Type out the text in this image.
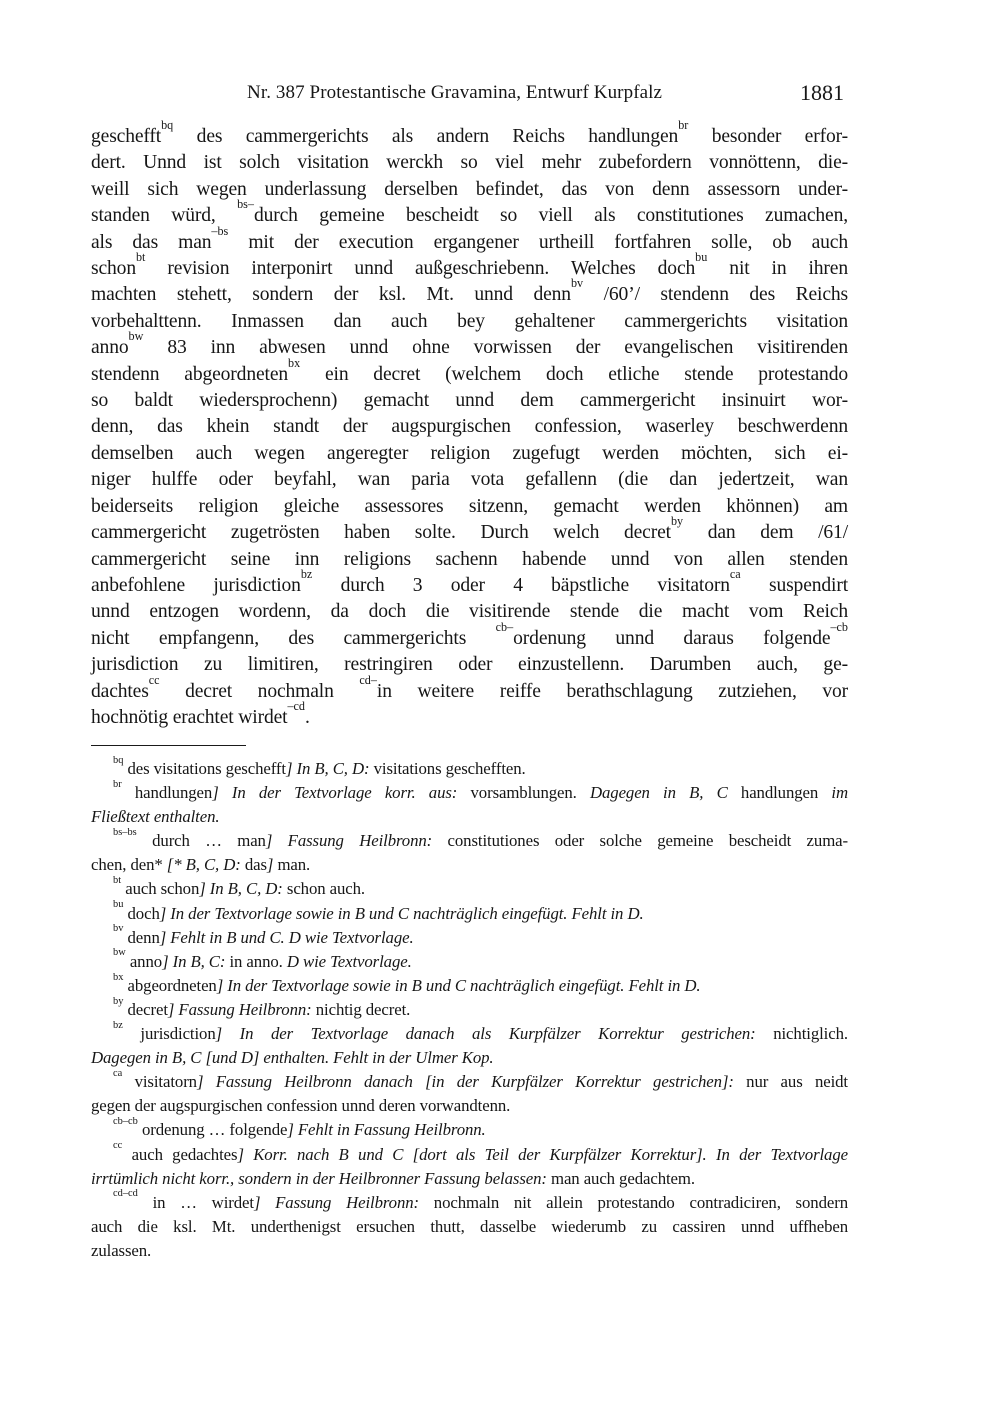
Nr. 387 Protestantische Gravamina, Entwurf Kurpfalz	1881
geschefft$^{bq}$ des cammergerichts als andern Reichs handlungen$^{br}$ besonder erfor-
dert. Unnd ist solch visitation werckh so viel mehr zubefordern vonnöttenn, die-
weill sich wegen underlassung derselben befindet, das von denn assessorn under-
standen würd, $^{bs-}$durch gemeine bescheidt so viell als constitutiones zumachen,
als das man$^{-bs}$ mit der execution ergangener urtheill fortfahren solle, ob auch
schon$^{bt}$ revision interponirt unnd außgeschriebenn. Welches doch$^{bu}$ nit in ihren
machten stehett, sondern der ksl. Mt. unnd denn$^{bv}$ /60’/ stendenn des Reichs
vorbehalttenn. Inmassen dan auch bey gehaltener cammergerichts visitation
anno$^{bw}$ 83 inn abwesen unnd ohne vorwissen der evangelischen visitirenden
stendenn abgeordneten$^{bx}$ ein decret (welchem doch etliche stende protestando
so baldt wiedersprochenn) gemacht unnd dem cammergericht insinuirt wor-
denn, das khein standt der augspurgischen confession, waserley beschwerdenn
demselben auch wegen angeregter religion zugefugt werden möchten, sich ei-
niger hulffe oder beyfahl, wan paria vota gefallenn (die dan jedertzeit, wan
beiderseits religion gleiche assessores sitzenn, gemacht werden khönnen) am
cammergericht zugetrösten haben solte. Durch welch decret$^{by}$ dan dem /61/
cammergericht seine inn religions sachenn habende unnd von allen stenden
anbefohlene jurisdiction$^{bz}$ durch 3 oder 4 bäpstliche visitatorn$^{ca}$ suspendirt
unnd entzogen wordenn, da doch die visitirende stende die macht vom Reich
nicht empfangenn, des cammergerichts $^{cb-}$ordenung unnd daraus folgende$^{-cb}$
jurisdiction zu limitiren, restringiren oder einzustellenn. Darumben auch, ge-
dachtes$^{cc}$ decret nochmaln $^{cd-}$in weitere reiffe berathschlagung zutziehen, vor
hochnötig erachtet wirdet$^{-cd}$.
$^{bq}$ des visitations geschefft] In B, C, D: visitations geschefften.
$^{br}$ handlungen] In der Textvorlage korr. aus: vorsamblungen. Dagegen in B, C handlungen im
Fließtext enthalten.
$^{bs-bs}$ durch … man] Fassung Heilbronn: constitutiones oder solche gemeine bescheidt zuma-
chen, den* [* B, C, D: das] man.
$^{bt}$ auch schon] In B, C, D: schon auch.
$^{bu}$ doch] In der Textvorlage sowie in B und C nachträglich eingefügt. Fehlt in D.
$^{bv}$ denn] Fehlt in B und C. D wie Textvorlage.
$^{bw}$ anno] In B, C: in anno. D wie Textvorlage.
$^{bx}$ abgeordneten] In der Textvorlage sowie in B und C nachträglich eingefügt. Fehlt in D.
$^{by}$ decret] Fassung Heilbronn: nichtig decret.
$^{bz}$ jurisdiction] In der Textvorlage danach als Kurpfälzer Korrektur gestrichen: nichtiglich.
Dagegen in B, C [und D] enthalten. Fehlt in der Ulmer Kop.
$^{ca}$ visitatorn] Fassung Heilbronn danach [in der Kurpfälzer Korrektur gestrichen]: nur aus neidt
gegen der augspurgischen confession unnd deren vorwandtenn.
$^{cb-cb}$ ordenung … folgende] Fehlt in Fassung Heilbronn.
$^{cc}$ auch gedachtes] Korr. nach B und C [dort als Teil der Kurpfälzer Korrektur]. In der Textvorlage
irrtümlich nicht korr., sondern in der Heilbronner Fassung belassen: man auch gedachtem.
$^{cd-cd}$ in … wirdet] Fassung Heilbronn: nochmaln nit allein protestando contradiciren, sondern
auch die ksl. Mt. underthenigst ersuchen thutt, dasselbe wiederumb zu cassiren unnd uffheben
zulassen.
